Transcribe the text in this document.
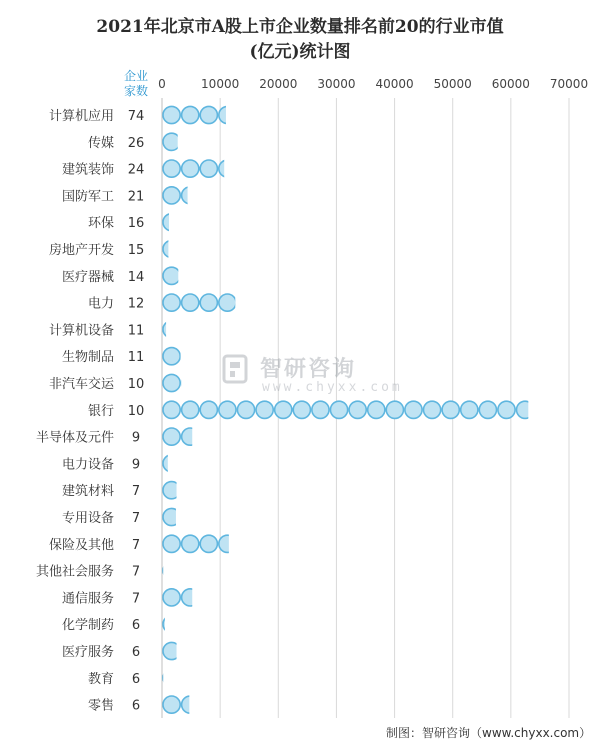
2021年北京市A股上市企业数量排名前20的行业市值
(亿元)统计图
0	10000 20000 30000 40000 50000 60000 70000
企业
家数
计算机应用
传媒
建筑装饰
国防军工
环保
房地产开发
医疗器械
电力
计算机设备
生物制品
非汽车交运
银行
半导体及元件
电力设备
建筑材料
专用设备
保险及其他
其他社会服务
通信服务
化学制药
医疗服务
教育
零售
74
26
24
21
16
15
14
12
11
11
10
10
9
9
7
7
7
7
7
6
6
6
6
智研咨询
www.chyxx.com
制图：智研咨询（www.chyxx.com）
